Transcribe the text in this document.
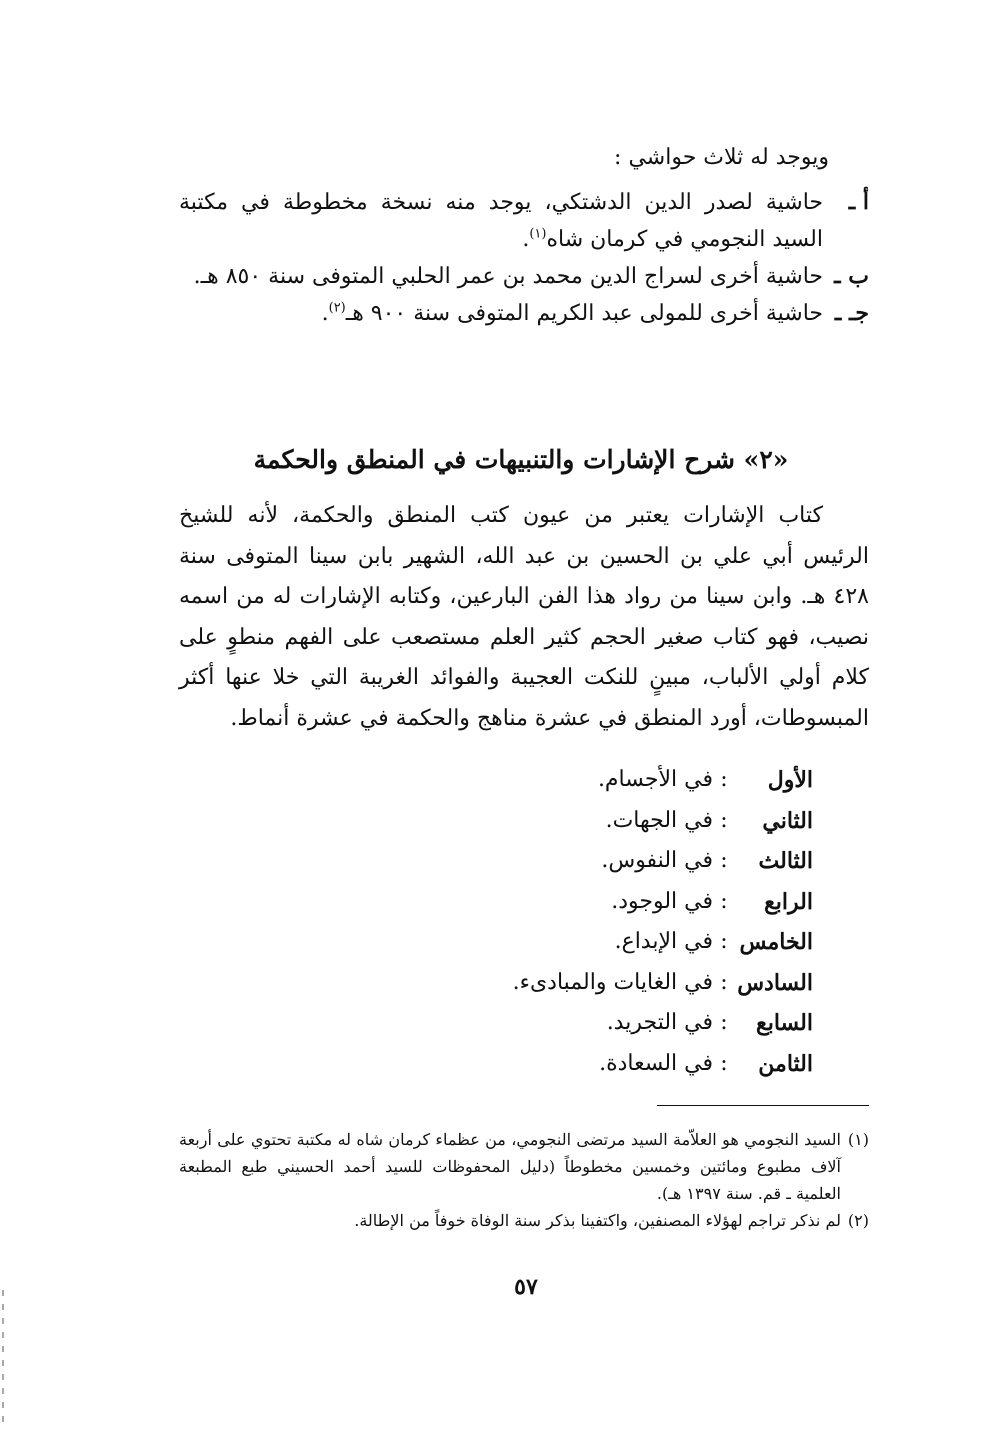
ويوجد له ثلاث حواشي :
أ ـ
حاشية لصدر الدين الدشتكي، يوجد منه نسخة مخطوطة في مكتبة السيد النجومي في كرمان شاه$^{(١)}$.
ب ـ
حاشية أخرى لسراج الدين محمد بن عمر الحلبي المتوفى سنة ٨٥٠ هـ.
جـ ـ
حاشية أخرى للمولى عبد الكريم المتوفى سنة ٩٠٠ هـ$^{(٢)}$.
«٢» شرح الإشارات والتنبيهات في المنطق والحكمة

كتاب الإشارات يعتبر من عيون كتب المنطق والحكمة، لأنه للشيخ الرئيس أبي علي بن الحسين بن عبد الله، الشهير بابن سينا المتوفى سنة ٤٢٨ هـ. وابن سينا من رواد هذا الفن البارعين، وكتابه الإشارات له من اسمه نصيب، فهو كتاب صغير الحجم كثير العلم مستصعب على الفهم منطوٍ على كلام أولي الألباب، مبينٍ للنكت العجيبة والفوائد الغريبة التي خلا عنها أكثر المبسوطات، أورد المنطق في عشرة مناهج والحكمة في عشرة أنماط.

الأول
:
في الأجسام.
الثاني
:
في الجهات.
الثالث
:
في النفوس.
الرابع
:
في الوجود.
الخامس
:
في الإبداع.
السادس
:
في الغايات والمبادىء.
السابع
:
في التجريد.
الثامن
:
في السعادة.
(١)
السيد النجومي هو العلاّمة السيد مرتضى النجومي، من عظماء كرمان شاه له مكتبة تحتوي على أربعة آلاف مطبوع ومائتين وخمسين مخطوطاً (دليل المحفوظات للسيد أحمد الحسيني طبع المطبعة العلمية ـ قم. سنة ١٣٩٧ هـ).
(٢)
لم نذكر تراجم لهؤلاء المصنفين، واكتفينا بذكر سنة الوفاة خوفاً من الإطالة.
٥٧
